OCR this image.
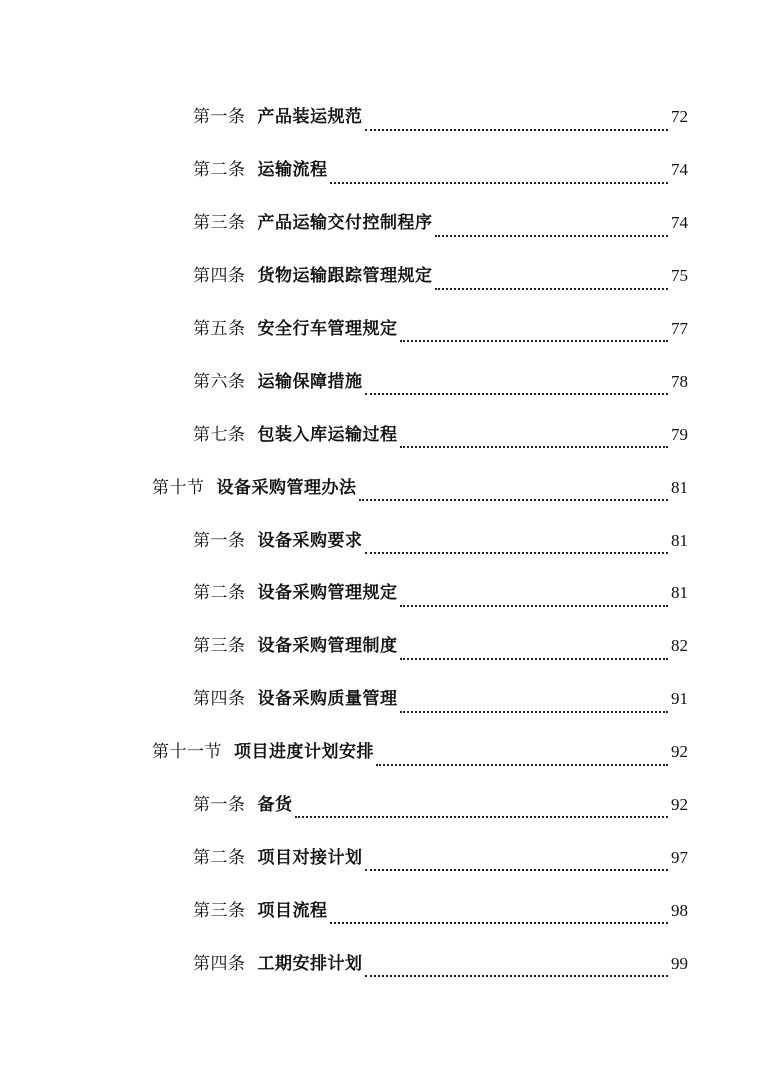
第一条 产品装运规范	72
第二条 运输流程	74
第三条 产品运输交付控制程序	74
第四条 货物运输跟踪管理规定	75
第五条 安全行车管理规定	77
第六条 运输保障措施	78
第七条 包装入库运输过程	79
第十节 设备采购管理办法	81
第一条 设备采购要求	81
第二条 设备采购管理规定	81
第三条 设备采购管理制度	82
第四条 设备采购质量管理	91
第十一节 项目进度计划安排	92
第一条 备货	92
第二条 项目对接计划	97
第三条 项目流程	98
第四条 工期安排计划	99
